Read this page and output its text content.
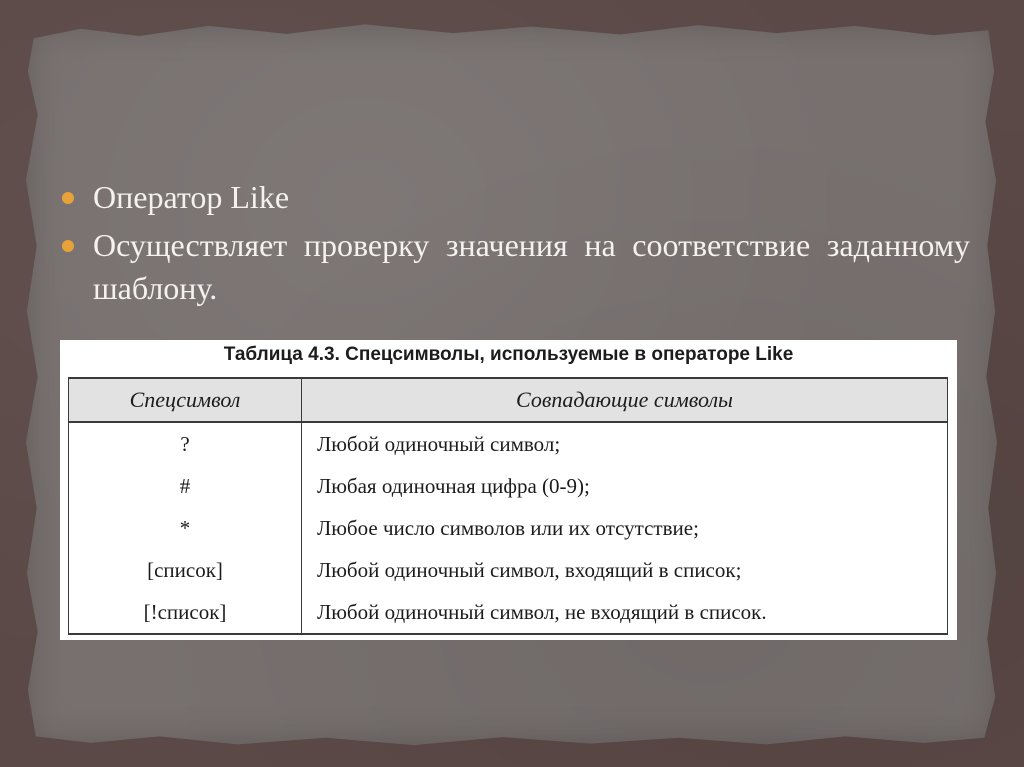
Оператор Like
Осуществляет проверку значения на соответствие заданному шаблону.
Таблица 4.3. Спецсимволы, используемые в операторе Like
Спецсимвол	Совпадающие символы
?	Любой одиночный символ;
#	Любая одиночная цифра (0-9);
*	Любое число символов или их отсутствие;
[список]	Любой одиночный символ, входящий в список;
[!список]	Любой одиночный символ, не входящий в список.
